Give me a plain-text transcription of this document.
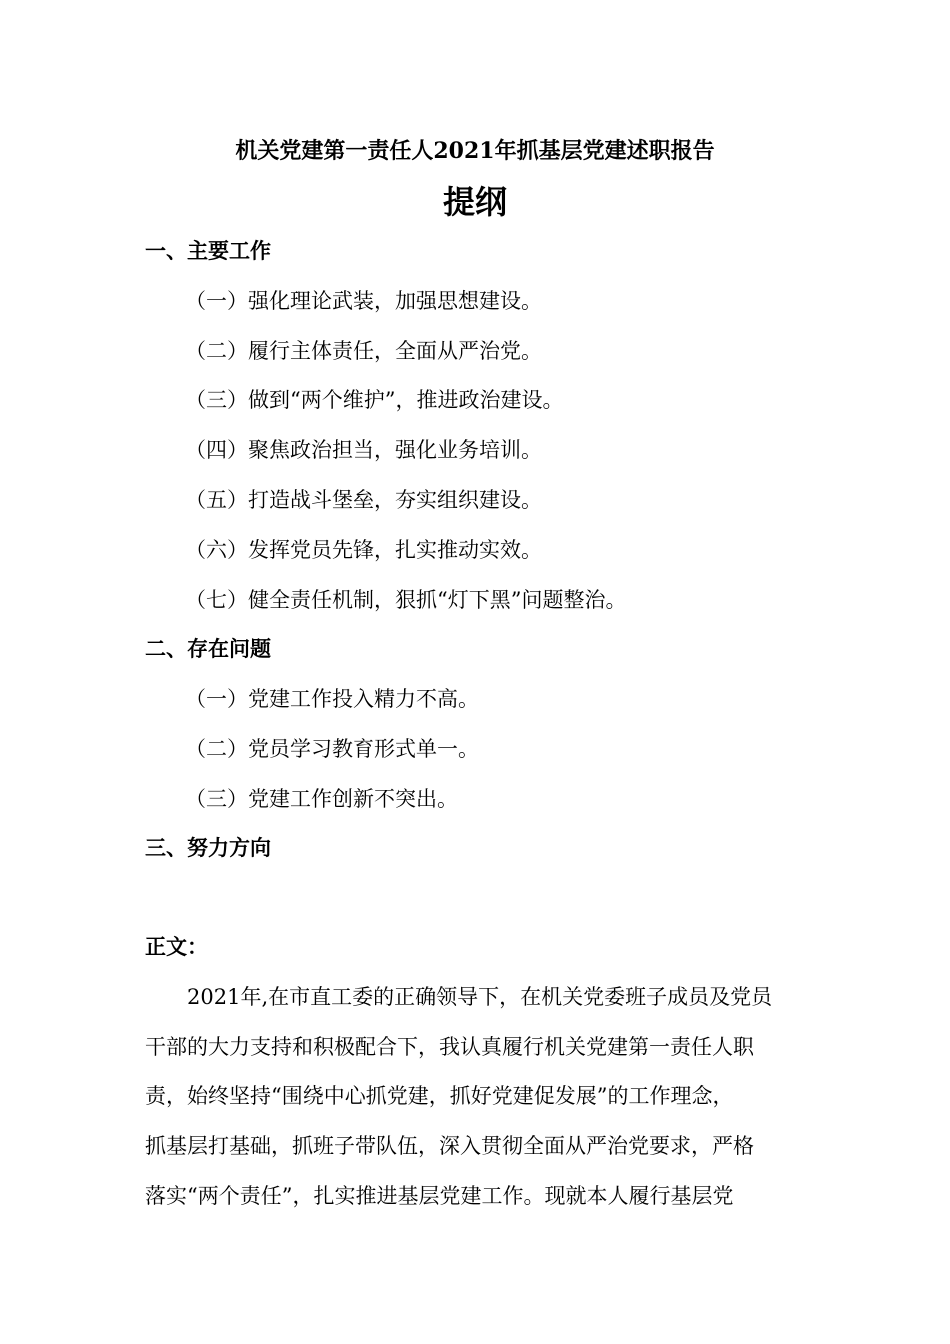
机关党建第一责任人2021年抓基层党建述职报告
提纲
一、主要工作
（一）强化理论武装，加强思想建设。
（二）履行主体责任，全面从严治党。
（三）做到“两个维护”，推进政治建设。
（四）聚焦政治担当，强化业务培训。
（五）打造战斗堡垒，夯实组织建设。
（六）发挥党员先锋，扎实推动实效。
（七）健全责任机制，狠抓“灯下黑”问题整治。
二、存在问题
（一）党建工作投入精力不高。
（二）党员学习教育形式单一。
（三）党建工作创新不突出。
三、努力方向
正文：
　　2021年,在市直工委的正确领导下，在机关党委班子成员及党员
干部的大力支持和积极配合下，我认真履行机关党建第一责任人职
责，始终坚持“围绕中心抓党建，抓好党建促发展”的工作理念，
抓基层打基础，抓班子带队伍，深入贯彻全面从严治党要求，严格
落实“两个责任”，扎实推进基层党建工作。现就本人履行基层党
